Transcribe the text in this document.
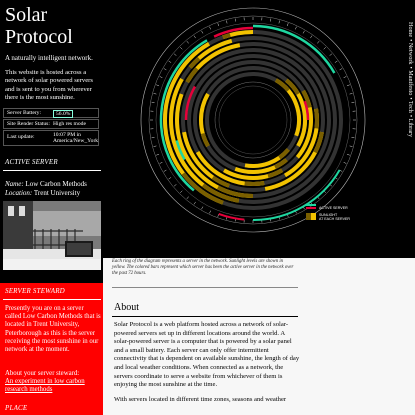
Solar
Protocol
A naturally intelligent network.
This website is hosted across a network of solar powered servers and is sent to you from wherever there is the most sunshine.
Server Battery:	56.0%
Site Render Status: High res mode
Last update:	10:07 PM in
America/New_York
ACTIVE SERVER
Name: Low Carbon Methods
Location: Trent University
SERVER STEWARD
Presently you are on a server called Low Carbon Methods that is located in Trent University, Peterborough as this is the server receiving the most sunshine in our network at the moment.
About your server steward:
An experiment in low carbon research methods
PLACE
ACTIVE SERVER
SUNLIGHT
AT EACH SERVER
Home• Network• Manifesto• Tech• Library
Each ring of the diagram represents a server in the network. Sunlight levels are shown in yellow. The colored bars represent which server has been the active server in the network over the past 72 hours.
About

Solar Protocol is a web platform hosted across a network of solar-powered servers set up in different locations around the world. A solar-powered server is a computer that is powered by a solar panel and a small battery. Each server can only offer intermittent connectivity that is dependent on available sunshine, the length of day and local weather conditions. When connected as a network, the servers coordinate to serve a website from whichever of them is enjoying the most sunshine at the time.

With servers located in different time zones, seasons and weather
